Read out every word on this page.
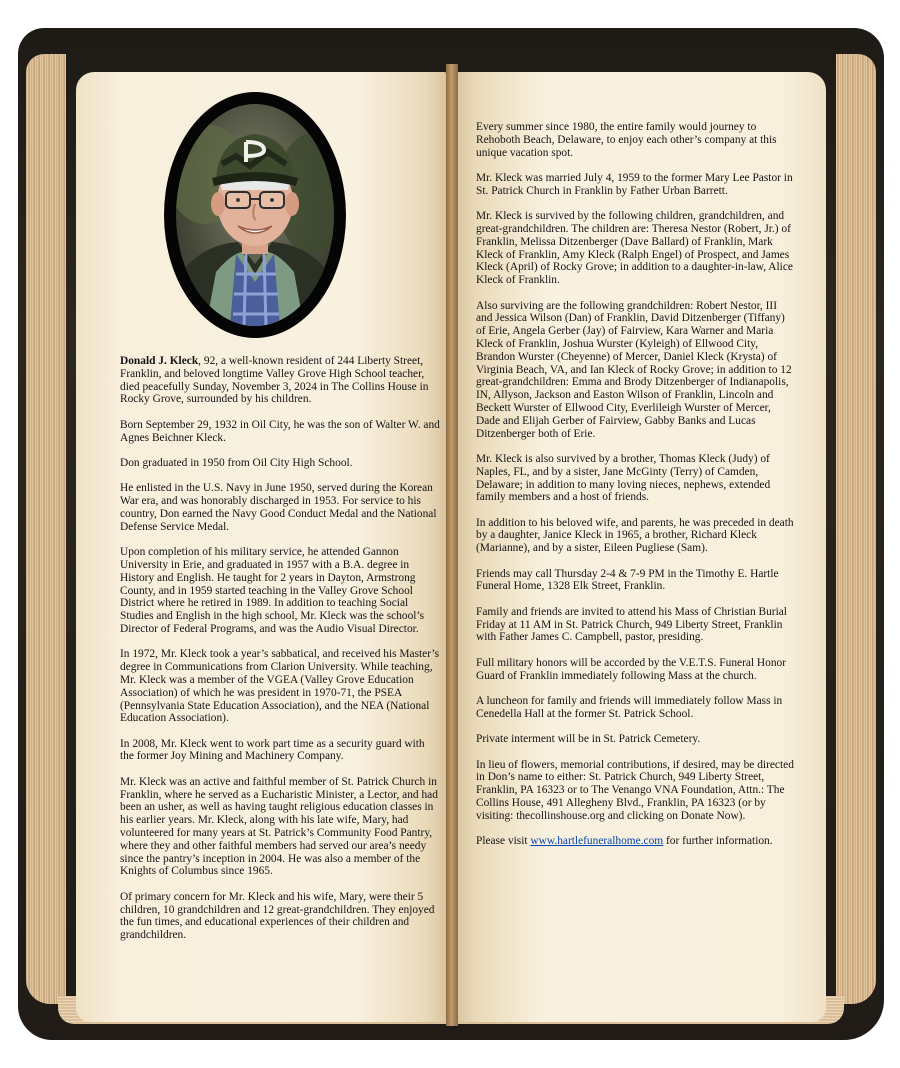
Donald J. Kleck, 92, a well-known resident of 244 Liberty Street, Franklin, and beloved longtime Valley Grove High School teacher, died peacefully Sunday, November 3, 2024 in The Collins House in Rocky Grove, surrounded by his children.

Born September 29, 1932 in Oil City, he was the son of Walter W. and Agnes Beichner Kleck.

Don graduated in 1950 from Oil City High School.

He enlisted in the U.S. Navy in June 1950, served during the Korean War era, and was honorably discharged in 1953. For service to his country, Don earned the Navy Good Conduct Medal and the National Defense Service Medal.

Upon completion of his military service, he attended Gannon University in Erie, and graduated in 1957 with a B.A. degree in History and English. He taught for 2 years in Dayton, Armstrong County, and in 1959 started teaching in the Valley Grove School District where he retired in 1989. In addition to teaching Social Studies and English in the high school, Mr. Kleck was the school’s Director of Federal Programs, and was the Audio Visual Director.

In 1972, Mr. Kleck took a year’s sabbatical, and received his Master’s degree in Communications from Clarion University. While teaching, Mr. Kleck was a member of the VGEA (Valley Grove Education Association) of which he was president in 1970-71, the PSEA (Pennsylvania State Education Association), and the NEA (National Education Association).

In 2008, Mr. Kleck went to work part time as a security guard with the former Joy Mining and Machinery Company.

Mr. Kleck was an active and faithful member of St. Patrick Church in Franklin, where he served as a Eucharistic Minister, a Lector, and had been an usher, as well as having taught religious education classes in his earlier years. Mr. Kleck, along with his late wife, Mary, had volunteered for many years at St. Patrick’s Community Food Pantry, where they and other faithful members had served our area’s needy since the pantry’s inception in 2004. He was also a member of the Knights of Columbus since 1965.

Of primary concern for Mr. Kleck and his wife, Mary, were their 5 children, 10 grandchildren and 12 great-grandchildren. They enjoyed the fun times, and educational experiences of their children and grandchildren.

Every summer since 1980, the entire family would journey to Rehoboth Beach, Delaware, to enjoy each other’s company at this unique vacation spot.

Mr. Kleck was married July 4, 1959 to the former Mary Lee Pastor in St. Patrick Church in Franklin by Father Urban Barrett.

Mr. Kleck is survived by the following children, grandchildren, and great-grandchildren. The children are: Theresa Nestor (Robert, Jr.) of Franklin, Melissa Ditzenberger (Dave Ballard) of Franklin, Mark Kleck of Franklin, Amy Kleck (Ralph Engel) of Prospect, and James Kleck (April) of Rocky Grove; in addition to a daughter-in-law, Alice Kleck of Franklin.

Also surviving are the following grandchildren: Robert Nestor, III and Jessica Wilson (Dan) of Franklin, David Ditzenberger (Tiffany) of Erie, Angela Gerber (Jay) of Fairview, Kara Warner and Maria Kleck of Franklin, Joshua Wurster (Kyleigh) of Ellwood City, Brandon Wurster (Cheyenne) of Mercer, Daniel Kleck (Krysta) of Virginia Beach, VA, and Ian Kleck of Rocky Grove; in addition to 12 great-grandchildren: Emma and Brody Ditzenberger of Indianapolis, IN, Allyson, Jackson and Easton Wilson of Franklin, Lincoln and Beckett Wurster of Ellwood City, Everlileigh Wurster of Mercer, Dade and Elijah Gerber of Fairview, Gabby Banks and Lucas Ditzenberger both of Erie.

Mr. Kleck is also survived by a brother, Thomas Kleck (Judy) of Naples, FL, and by a sister, Jane McGinty (Terry) of Camden, Delaware; in addition to many loving nieces, nephews, extended family members and a host of friends.

In addition to his beloved wife, and parents, he was preceded in death by a daughter, Janice Kleck in 1965, a brother, Richard Kleck (Marianne), and by a sister, Eileen Pugliese (Sam).

Friends may call Thursday 2-4 & 7-9 PM in the Timothy E. Hartle Funeral Home, 1328 Elk Street, Franklin.

Family and friends are invited to attend his Mass of Christian Burial Friday at 11 AM in St. Patrick Church, 949 Liberty Street, Franklin with Father James C. Campbell, pastor, presiding.

Full military honors will be accorded by the V.E.T.S. Funeral Honor Guard of Franklin immediately following Mass at the church.

A luncheon for family and friends will immediately follow Mass in Cenedella Hall at the former St. Patrick School.

Private interment will be in St. Patrick Cemetery.

In lieu of flowers, memorial contributions, if desired, may be directed in Don’s name to either: St. Patrick Church, 949 Liberty Street, Franklin, PA 16323 or to The Venango VNA Foundation, Attn.: The Collins House, 491 Allegheny Blvd., Franklin, PA 16323 (or by visiting: thecollinshouse.org and clicking on Donate Now).

Please visit www.hartlefuneralhome.com for further information.
